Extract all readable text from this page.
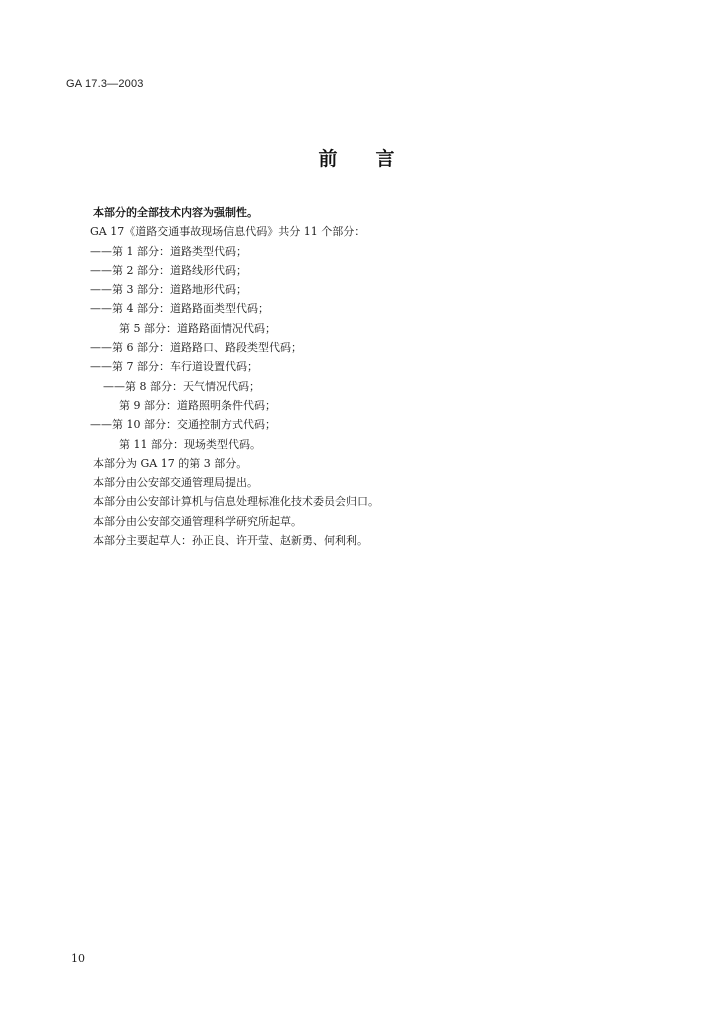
GA 17.3—2003
前言
本部分的全部技术内容为强制性。
GA 17《道路交通事故现场信息代码》共分 11 个部分：
——第 1 部分：道路类型代码；
——第 2 部分：道路线形代码；
——第 3 部分：道路地形代码；
——第 4 部分：道路路面类型代码；
第 5 部分：道路路面情况代码；
——第 6 部分：道路路口、路段类型代码；
——第 7 部分：车行道设置代码；
——第 8 部分：天气情况代码；
第 9 部分：道路照明条件代码；
——第 10 部分：交通控制方式代码；
第 11 部分：现场类型代码。
本部分为 GA 17 的第 3 部分。
本部分由公安部交通管理局提出。
本部分由公安部计算机与信息处理标准化技术委员会归口。
本部分由公安部交通管理科学研究所起草。
本部分主要起草人：孙正良、许开莹、赵新勇、何利利。
10
